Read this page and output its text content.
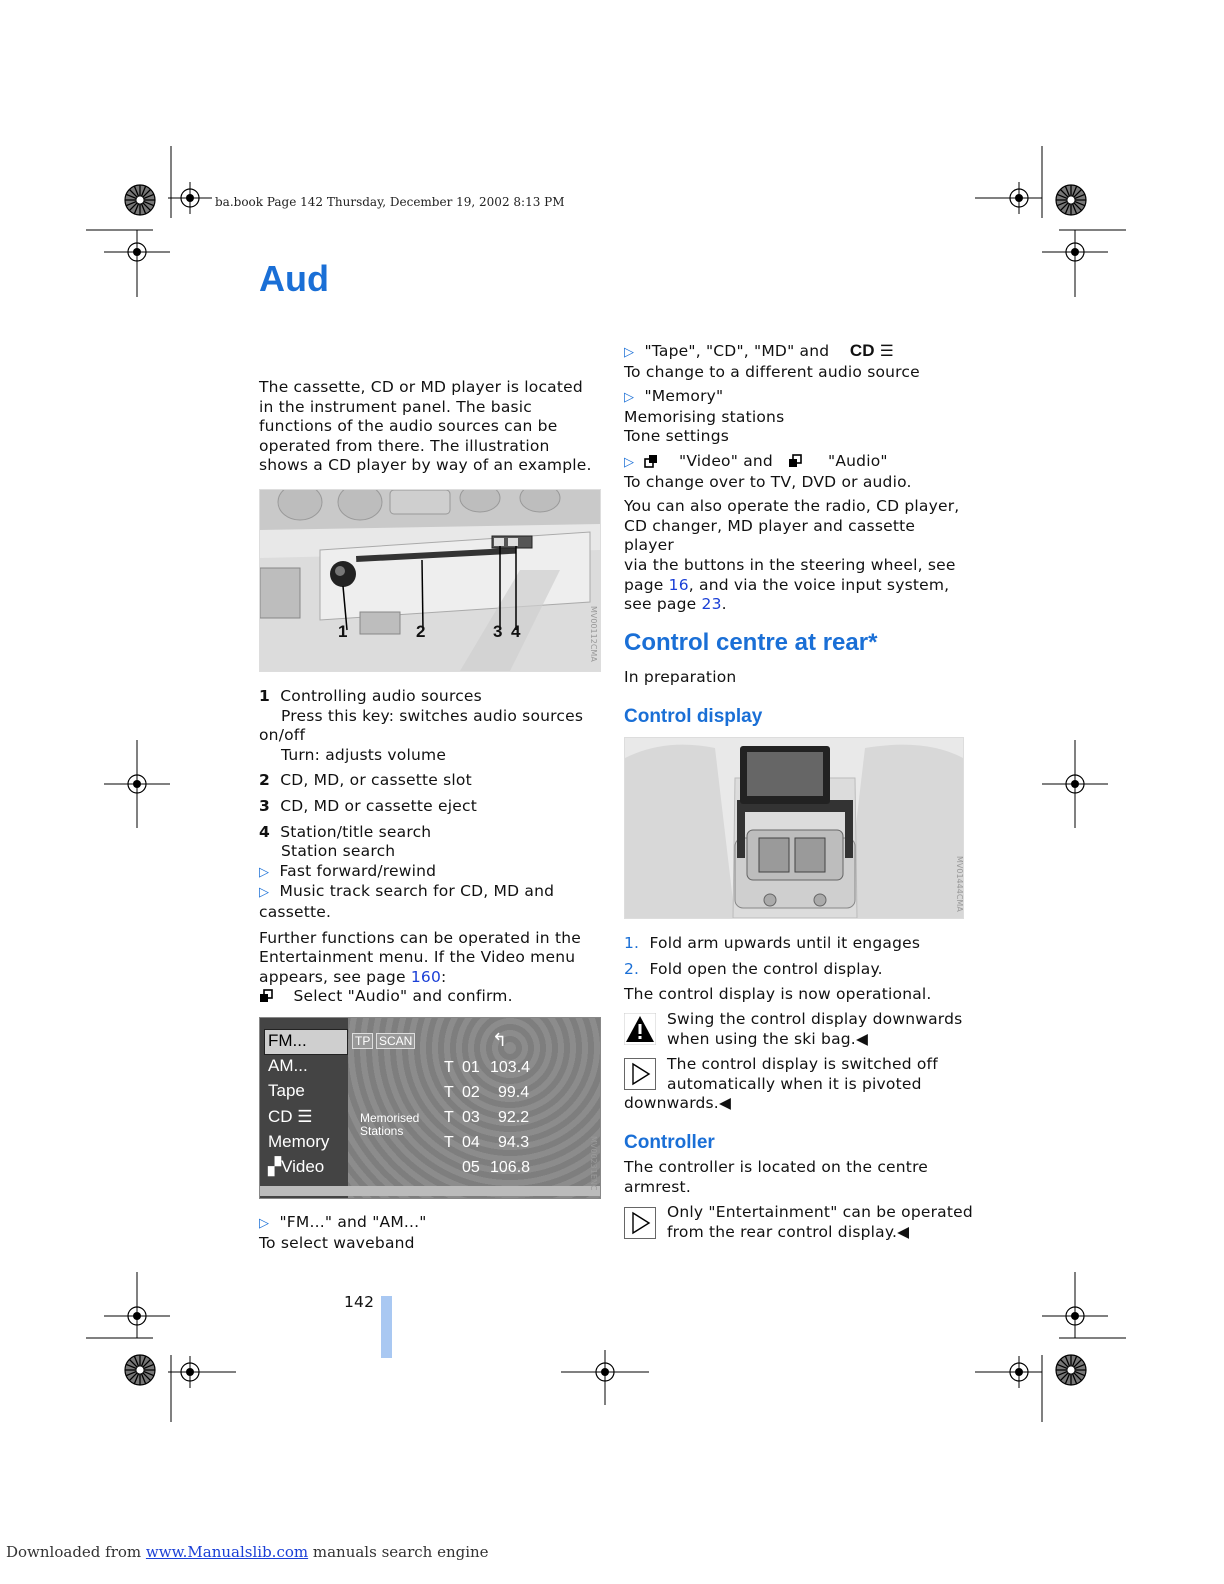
ba.book Page 142 Thursday, December 19, 2002 8:13 PM
Aud
The cassette, CD or MD player is located in the instrument panel. The basic functions of the audio sources can be operated from there. The illustration shows a CD player by way of an example.
1	2	3 4	MV00112CMA

1 Controlling audio sources

Press this key: switches audio sources

on/off

Turn: adjusts volume

2 CD, MD, or cassette slot

3 CD, MD or cassette eject

4 Station/title search

Station search

▷ Fast forward/rewind

▷ Music track search for CD, MD and

cassette.

Further functions can be operated in the

Entertainment menu. If the Video menu

appears, see page 160:

Select "Audio" and confirm.

FM...
AM...
Tape
CD ☰
Memory
▞Video
TP SCAN	↰
Memorised
Stations
T 01 103.4
T 02 99.4
T 03 92.2
T 04 94.3
05 106.8	MV00231ENC

▷ "FM..." and "AM..."

To select waveband

▷ "Tape", "CD", "MD" and CD ☰

To change to a different audio source

▷ "Memory"

Memorising stations

Tone settings

▷	"Video" and	"Audio"

To change over to TV, DVD or audio.

You can also operate the radio, CD player,

CD changer, MD player and cassette player

via the buttons in the steering wheel, see

page 16, and via the voice input system,

see page 23.

Control centre at rear*
In preparation
Control display
MV01444CMA

1. Fold arm upwards until it engages

2. Fold open the control display.

The control display is now operational.

Swing the control display downwards

when using the ski bag.◀

The control display is switched off

automatically when it is pivoted

downwards.◀

Controller

The controller is located on the centre

armrest.

Only "Entertainment" can be operated

from the rear control display.◀

142
Downloaded from www.Manualslib.com manuals search engine
